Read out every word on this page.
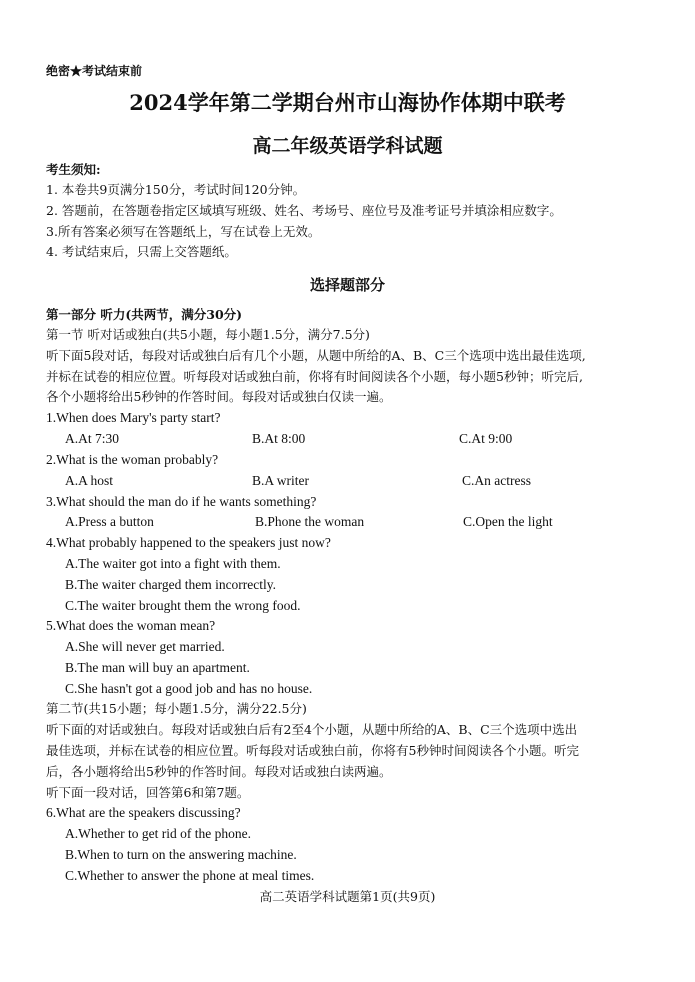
绝密★考试结束前
2024学年第二学期台州市山海协作体期中联考
高二年级英语学科试题
考生须知:
1. 本卷共9页满分150分，考试时间120分钟。
2. 答题前，在答题卷指定区域填写班级、姓名、考场号、座位号及准考证号并填涂相应数字。
3.所有答案必须写在答题纸上，写在试卷上无效。
4. 考试结束后，只需上交答题纸。
选择题部分
第一部分 听力(共两节，满分30分)
第一节 听对话或独白(共5小题，每小题1.5分，满分7.5分)
听下面5段对话，每段对话或独白后有几个小题，从题中所给的A、B、C三个选项中选出最佳选项,
并标在试卷的相应位置。听每段对话或独白前，你将有时间阅读各个小题，每小题5秒钟；听完后,
各个小题将给出5秒钟的作答时间。每段对话或独白仅读一遍。
1.When does Mary's party start?
A.At 7:30	B.At 8:00	C.At 9:00
2.What is the woman probably?
A.A host	B.A writer	C.An actress
3.What should the man do if he wants something?
A.Press a button	B.Phone the woman	C.Open the light
4.What probably happened to the speakers just now?
A.The waiter got into a fight with them.
B.The waiter charged them incorrectly.
C.The waiter brought them the wrong food.
5.What does the woman mean?
A.She will never get married.
B.The man will buy an apartment.
C.She hasn't got a good job and has no house.
第二节(共15小题；每小题1.5分，满分22.5分)
听下面的对话或独白。每段对话或独白后有2至4个小题，从题中所给的A、B、C三个选项中选出
最佳选项，并标在试卷的相应位置。听每段对话或独白前，你将有5秒钟时间阅读各个小题。听完
后，各小题将给出5秒钟的作答时间。每段对话或独白读两遍。
听下面一段对话，回答第6和第7题。
6.What are the speakers discussing?
A.Whether to get rid of the phone.
B.When to turn on the answering machine.
C.Whether to answer the phone at meal times.
高二英语学科试题第1页(共9页)
